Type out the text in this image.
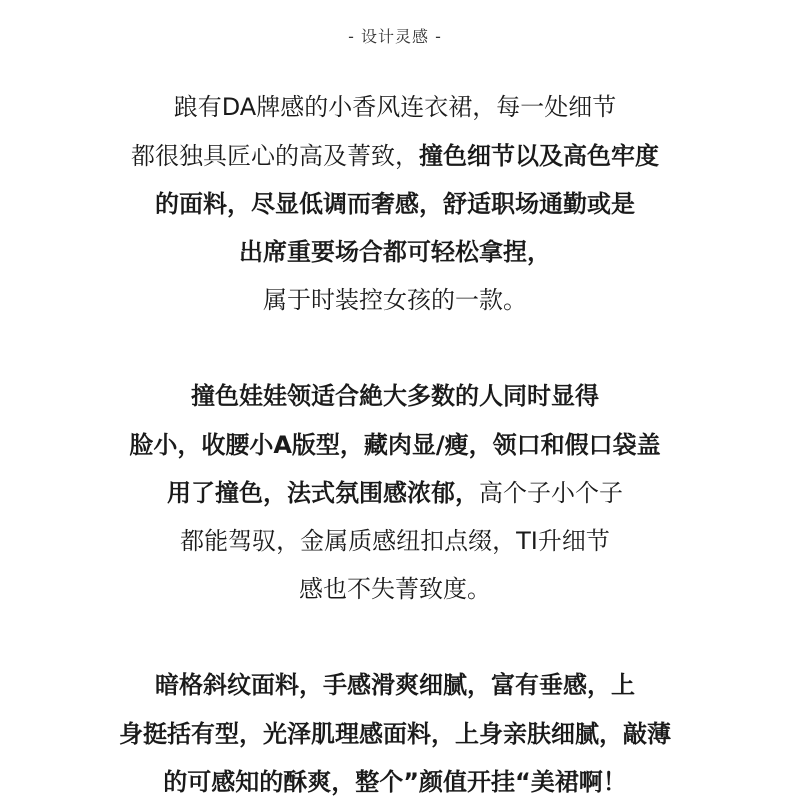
- 设计灵感 -
踉有DA牌感的小香风连衣裙，每一处细节
都很独具匠心的高及菁致，撞色细节以及高色牢度
的面料，尽显低调而奢感，舒适职场通勤或是
出席重要场合都可轻松拿捏，
属于时装控女孩的一款。
撞色娃娃领适合絶大多数的人同时显得
脸小，收腰小A版型，藏肉显/瘦，领口和假口袋盖
用了撞色，法式氛围感浓郁，高个子小个子
都能驾驭，金属质感纽扣点缀，TI升细节
感也不失菁致度。
暗格斜纹面料，手感滑爽细腻，富有垂感，上
身挺括有型，光泽肌理感面料，上身亲肤细腻，敲薄
的可感知的酥爽，整个”颜值开挂“美裙啊！
